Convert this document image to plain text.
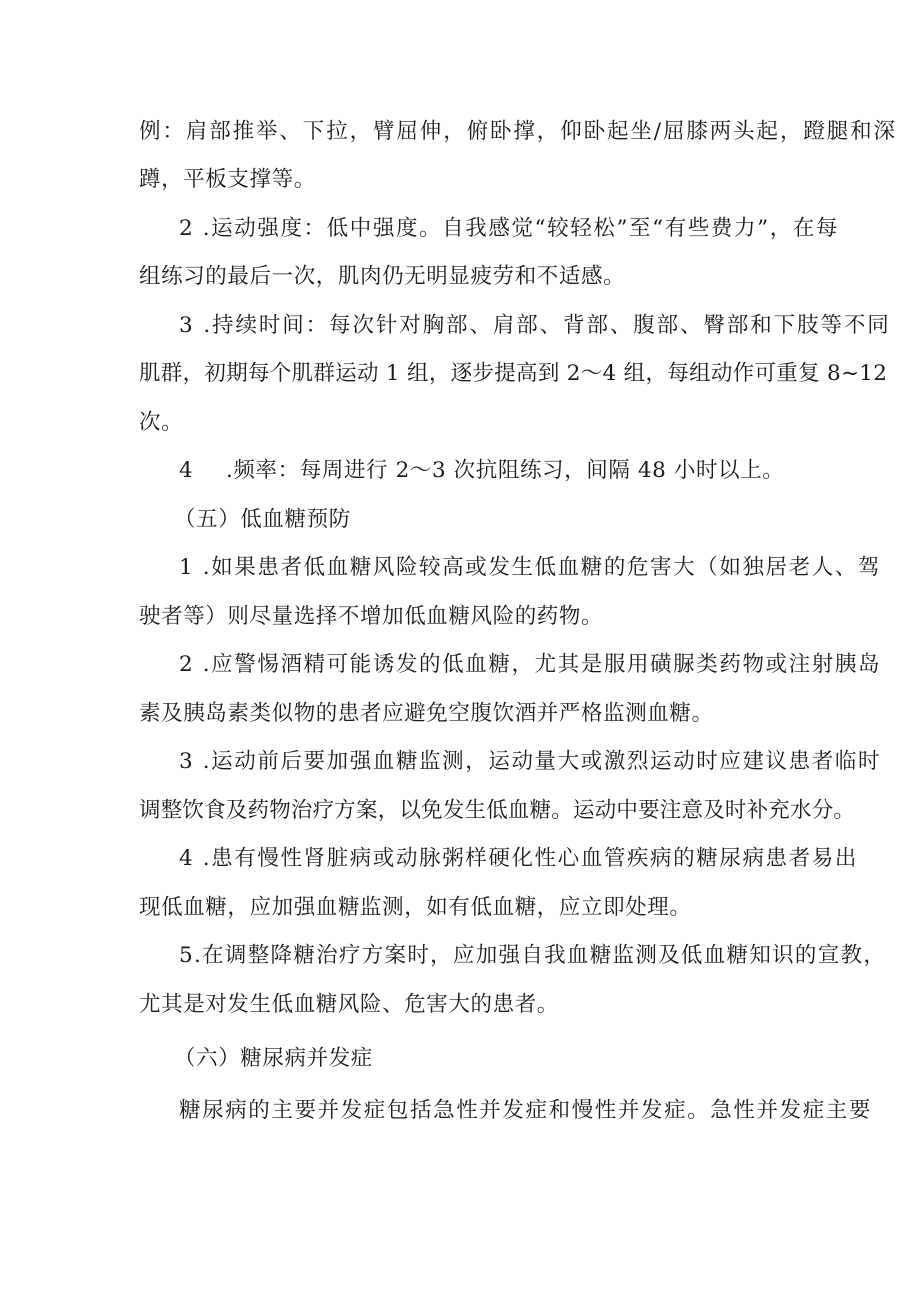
例：肩部推举、下拉，臂屈伸，俯卧撑，仰卧起坐/屈膝两头起，蹬腿和深
蹲，平板支撑等。
2 .运动强度：低中强度。自我感觉“较轻松”至“有些费力”，在每
组练习的最后一次，肌肉仍无明显疲劳和不适感。
3 .持续时间：每次针对胸部、肩部、背部、腹部、臀部和下肢等不同
肌群，初期每个肌群运动 1 组，逐步提高到 2～4 组，每组动作可重复 8~12
次。
4 .频率：每周进行 2～3 次抗阻练习，间隔 48 小时以上。
（五）低血糖预防
1 .如果患者低血糖风险较高或发生低血糖的危害大（如独居老人、驾
驶者等）则尽量选择不增加低血糖风险的药物。
2 .应警惕酒精可能诱发的低血糖，尤其是服用磺脲类药物或注射胰岛
素及胰岛素类似物的患者应避免空腹饮酒并严格监测血糖。
3 .运动前后要加强血糖监测，运动量大或激烈运动时应建议患者临时
调整饮食及药物治疗方案，以免发生低血糖。运动中要注意及时补充水分。
4 .患有慢性肾脏病或动脉粥样硬化性心血管疾病的糖尿病患者易出
现低血糖，应加强血糖监测，如有低血糖，应立即处理。
5.在调整降糖治疗方案时，应加强自我血糖监测及低血糖知识的宣教，
尤其是对发生低血糖风险、危害大的患者。
（六）糖尿病并发症
糖尿病的主要并发症包括急性并发症和慢性并发症。急性并发症主要
